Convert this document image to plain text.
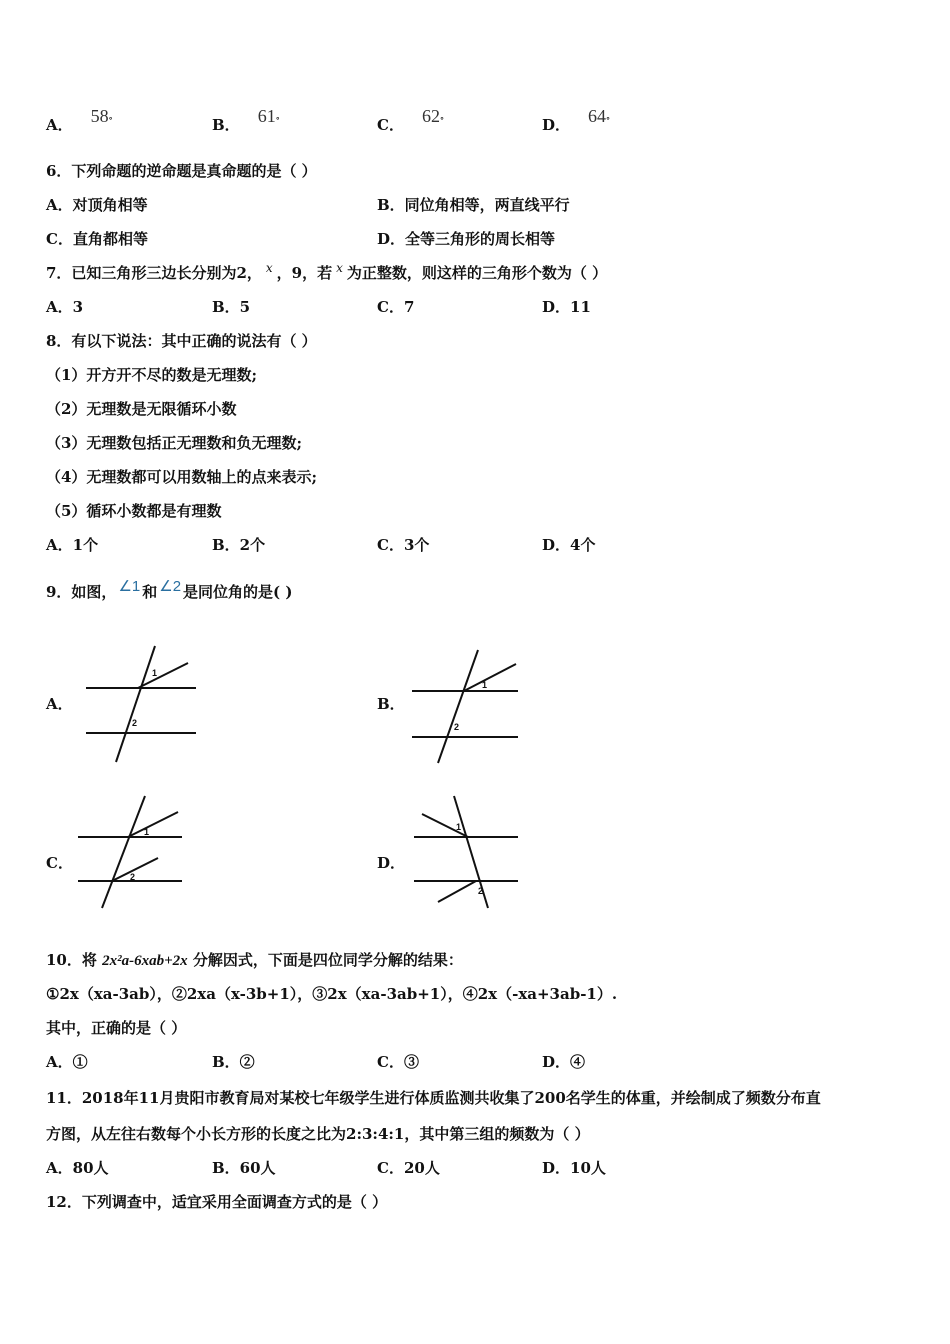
A． 58°	B． 61°	C． 62°	D． 64°
6．下列命题的逆命题是真命题的是（ ）
A．对顶角相等	B．同位角相等，两直线平行
C．直角都相等	D．全等三角形的周长相等
7．已知三角形三边长分别为2， $^x$ ，9，若 $^x$ 为正整数，则这样的三角形个数为（ ）
A．3	B．5	C．7	D．11
8．有以下说法：其中正确的说法有（ ）
（1）开方开不尽的数是无理数;
（2）无理数是无限循环小数
（3）无理数包括正无理数和负无理数;
（4）无理数都可以用数轴上的点来表示;
（5）循环小数都是有理数
A．1个	B．2个	C．3个	D．4个
9．如图， ∠1 和 ∠2 是同位角的是( )
A．
1
2
B．
1
2
C．
1
2
D．
1
2
10．将 2x²a-6xab+2x 分解因式，下面是四位同学分解的结果：
①2x（xa-3ab），②2xa（x-3b+1），③2x（xa-3ab+1），④2x（-xa+3ab-1）.
其中，正确的是（ ）
A．①	B．②	C．③	D．④
11．2018年11月贵阳市教育局对某校七年级学生进行体质监测共收集了200名学生的体重，并绘制成了频数分布直
方图，从左往右数每个小长方形的长度之比为2:3:4:1，其中第三组的频数为（ ）
A．80人	B．60人	C．20人	D．10人
12．下列调查中，适宜采用全面调查方式的是（ ）
